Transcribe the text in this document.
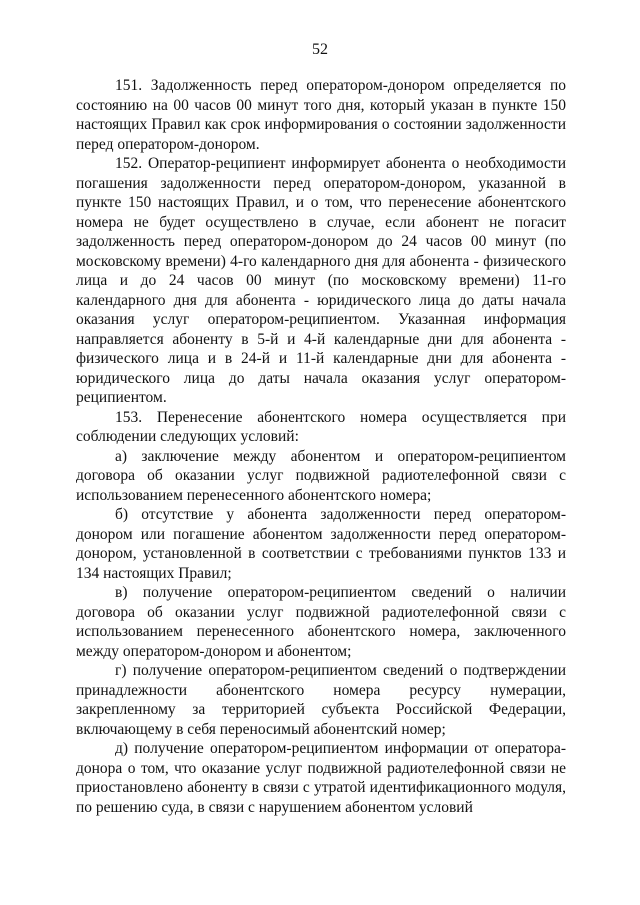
52

151. Задолженность перед оператором-донором определяется по состоянию на 00 часов 00 минут того дня, который указан в пункте 150 настоящих Правил как срок информирования о состоянии задолженности перед оператором-донором.

152. Оператор-реципиент информирует абонента о необходимости погашения задолженности перед оператором-донором, указанной в пункте 150 настоящих Правил, и о том, что перенесение абонентского номера не будет осуществлено в случае, если абонент не погасит задолженность перед оператором-донором до 24 часов 00 минут (по московскому времени) 4-го календарного дня для абонента - физического лица и до 24 часов 00 минут (по московскому времени) 11-го календарного дня для абонента - юридического лица до даты начала оказания услуг оператором-реципиентом. Указанная информация направляется абоненту в 5-й и 4-й календарные дни для абонента - физического лица и в 24-й и 11-й календарные дни для абонента - юридического лица до даты начала оказания услуг оператором-реципиентом.

153. Перенесение абонентского номера осуществляется при соблюдении следующих условий:

а) заключение между абонентом и оператором-реципиентом договора об оказании услуг подвижной радиотелефонной связи с использованием перенесенного абонентского номера;

б) отсутствие у абонента задолженности перед оператором-донором или погашение абонентом задолженности перед оператором-донором, установленной в соответствии с требованиями пунктов 133 и 134 настоящих Правил;

в) получение оператором-реципиентом сведений о наличии договора об оказании услуг подвижной радиотелефонной связи с использованием перенесенного абонентского номера, заключенного между оператором-донором и абонентом;

г) получение оператором-реципиентом сведений о подтверждении принадлежности абонентского номера ресурсу нумерации, закрепленному за территорией субъекта Российской Федерации, включающему в себя переносимый абонентский номер;

д) получение оператором-реципиентом информации от оператора-донора о том, что оказание услуг подвижной радиотелефонной связи не приостановлено абоненту в связи с утратой идентификационного модуля, по решению суда, в связи с нарушением абонентом условий
